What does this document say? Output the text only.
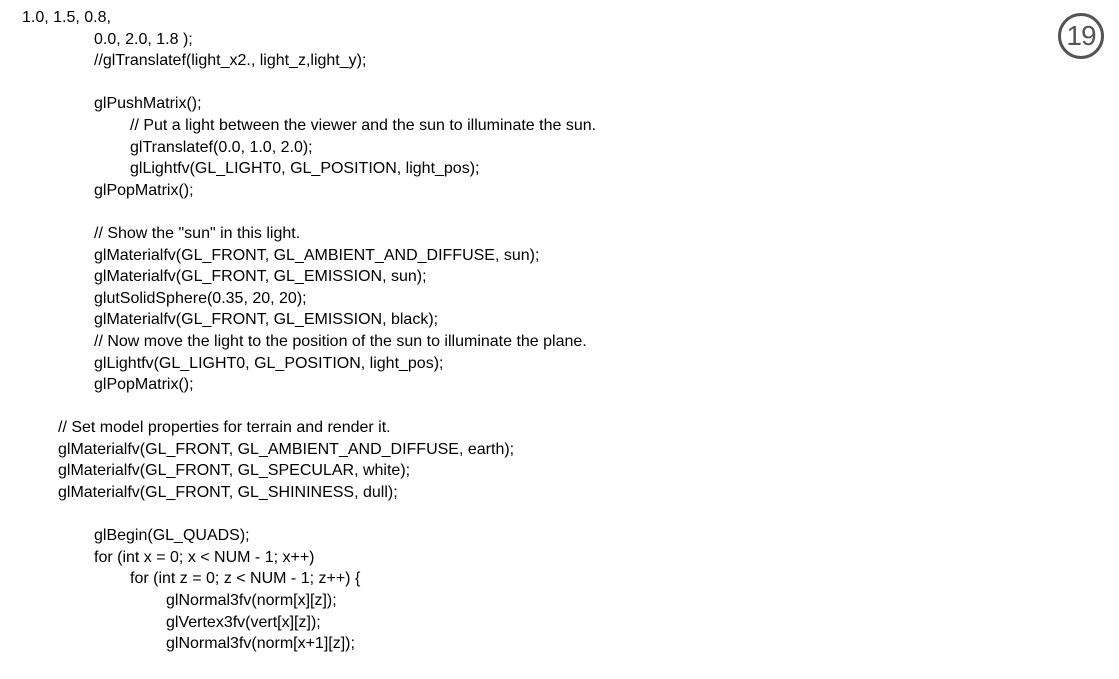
1.0, 1.5, 0.8,
0.0, 2.0, 1.8 );
//glTranslatef(light_x2., light_z,light_y);
glPushMatrix();
// Put a light between the viewer and the sun to illuminate the sun.
glTranslatef(0.0, 1.0, 2.0);
glLightfv(GL_LIGHT0, GL_POSITION, light_pos);
glPopMatrix();
// Show the "sun" in this light.
glMaterialfv(GL_FRONT, GL_AMBIENT_AND_DIFFUSE, sun);
glMaterialfv(GL_FRONT, GL_EMISSION, sun);
glutSolidSphere(0.35, 20, 20);
glMaterialfv(GL_FRONT, GL_EMISSION, black);
// Now move the light to the position of the sun to illuminate the plane.
glLightfv(GL_LIGHT0, GL_POSITION, light_pos);
glPopMatrix();
// Set model properties for terrain and render it.
glMaterialfv(GL_FRONT, GL_AMBIENT_AND_DIFFUSE, earth);
glMaterialfv(GL_FRONT, GL_SPECULAR, white);
glMaterialfv(GL_FRONT, GL_SHININESS, dull);
glBegin(GL_QUADS);
for (int x = 0; x < NUM - 1; x++)
for (int z = 0; z < NUM - 1; z++) {
glNormal3fv(norm[x][z]);
glVertex3fv(vert[x][z]);
glNormal3fv(norm[x+1][z]);
19
